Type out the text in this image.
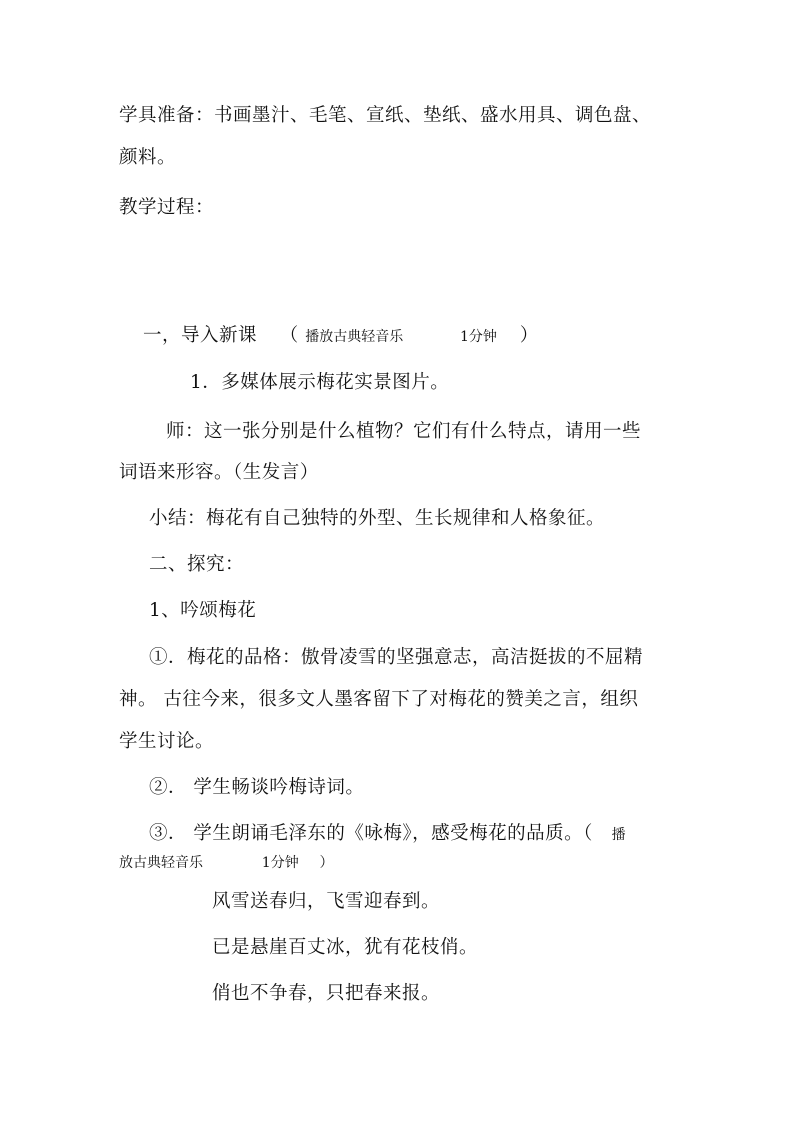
学具准备：书画墨汁、毛笔、宣纸、垫纸、盛水用具、调色盘、
颜料。
教学过程：
一，导入新课 （ 播放古典轻音乐	1分钟 ）
1．多媒体展示梅花实景图片。
师：这一张分别是什么植物？它们有什么特点，请用一些
词语来形容。（生发言）
小结：梅花有自己独特的外型、生长规律和人格象征。
二、探究：
1、吟颂梅花
①．梅花的品格：傲骨凌雪的坚强意志，高洁挺拔的不屈精
神。 古往今来，很多文人墨客留下了对梅花的赞美之言，组织
学生讨论。
②． 学生畅谈吟梅诗词。
③． 学生朗诵毛泽东的《咏梅》，感受梅花的品质。（ 播
放古典轻音乐	1分钟 ）
风雪送春归，飞雪迎春到。
已是悬崖百丈冰，犹有花枝俏。
俏也不争春，只把春来报。
